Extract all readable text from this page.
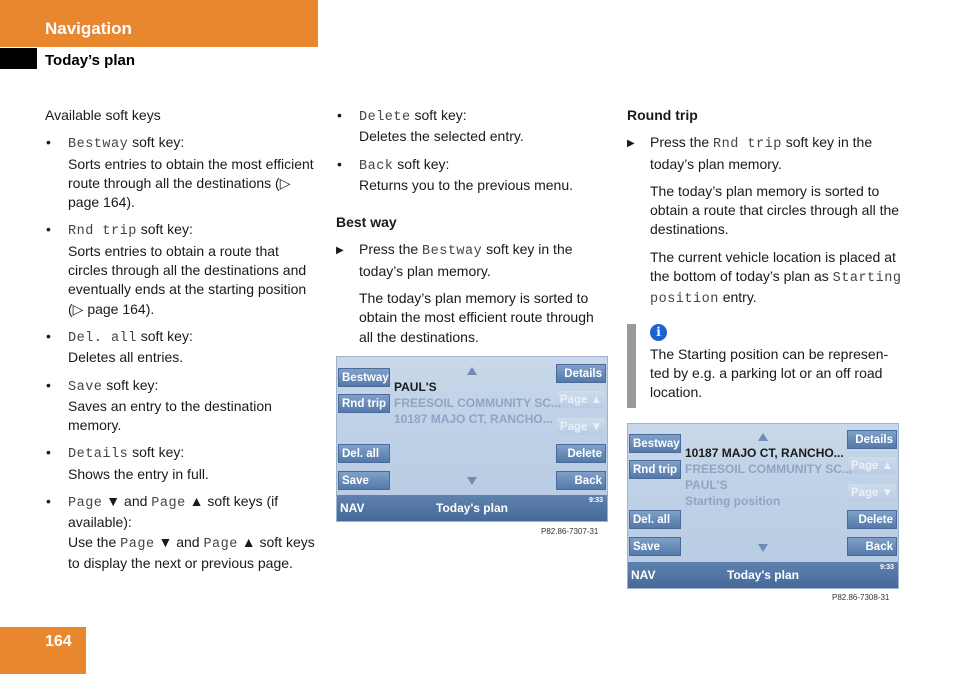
Navigation
Today’s plan
Available soft keys
• Bestway soft key:
Sorts entries to obtain the most efficient route through all the destinations (▷ page 164).
• Rnd trip soft key:
Sorts entries to obtain a route that circles through all the destinations and eventually ends at the starting position (▷ page 164).
• Del. all soft key:
Deletes all entries.
• Save soft key:
Saves an entry to the destination memory.
• Details soft key:
Shows the entry in full.
• Page ▼ and Page ▲ soft keys (if available):
Use the Page ▼ and Page ▲ soft keys to display the next or previous page.
• Delete soft key:
Deletes the selected entry.
• Back soft key:
Returns you to the previous menu.
Best way
▶ Press the Bestway soft key in the today’s plan memory.
The today’s plan memory is sorted to obtain the most efficient route through all the destinations.
Round trip
▶ Press the Rnd trip soft key in the today’s plan memory.
The today’s plan memory is sorted to obtain a route that circles through all the destinations.
The current vehicle location is placed at the bottom of today’s plan as Starting position entry.
i
The Starting position can be represen-ted by e.g. a parking lot or an off road location.
Bestway
Rnd trip
Del. all
Save
Details
Page ▲
Page ▼
Delete
Back
PAUL'S
FREESOIL COMMUNITY SC...
10187 MAJO CT, RANCHO...
NAV	Today's plan
9:33
P82.86-7307-31
Bestway
Rnd trip
Del. all
Save
Details
Page ▲
Page ▼
Delete
Back
10187 MAJO CT, RANCHO...
FREESOIL COMMUNITY SC...
PAUL'S
Starting position
NAV	Today's plan
9:33
P82.86-7308-31
164
